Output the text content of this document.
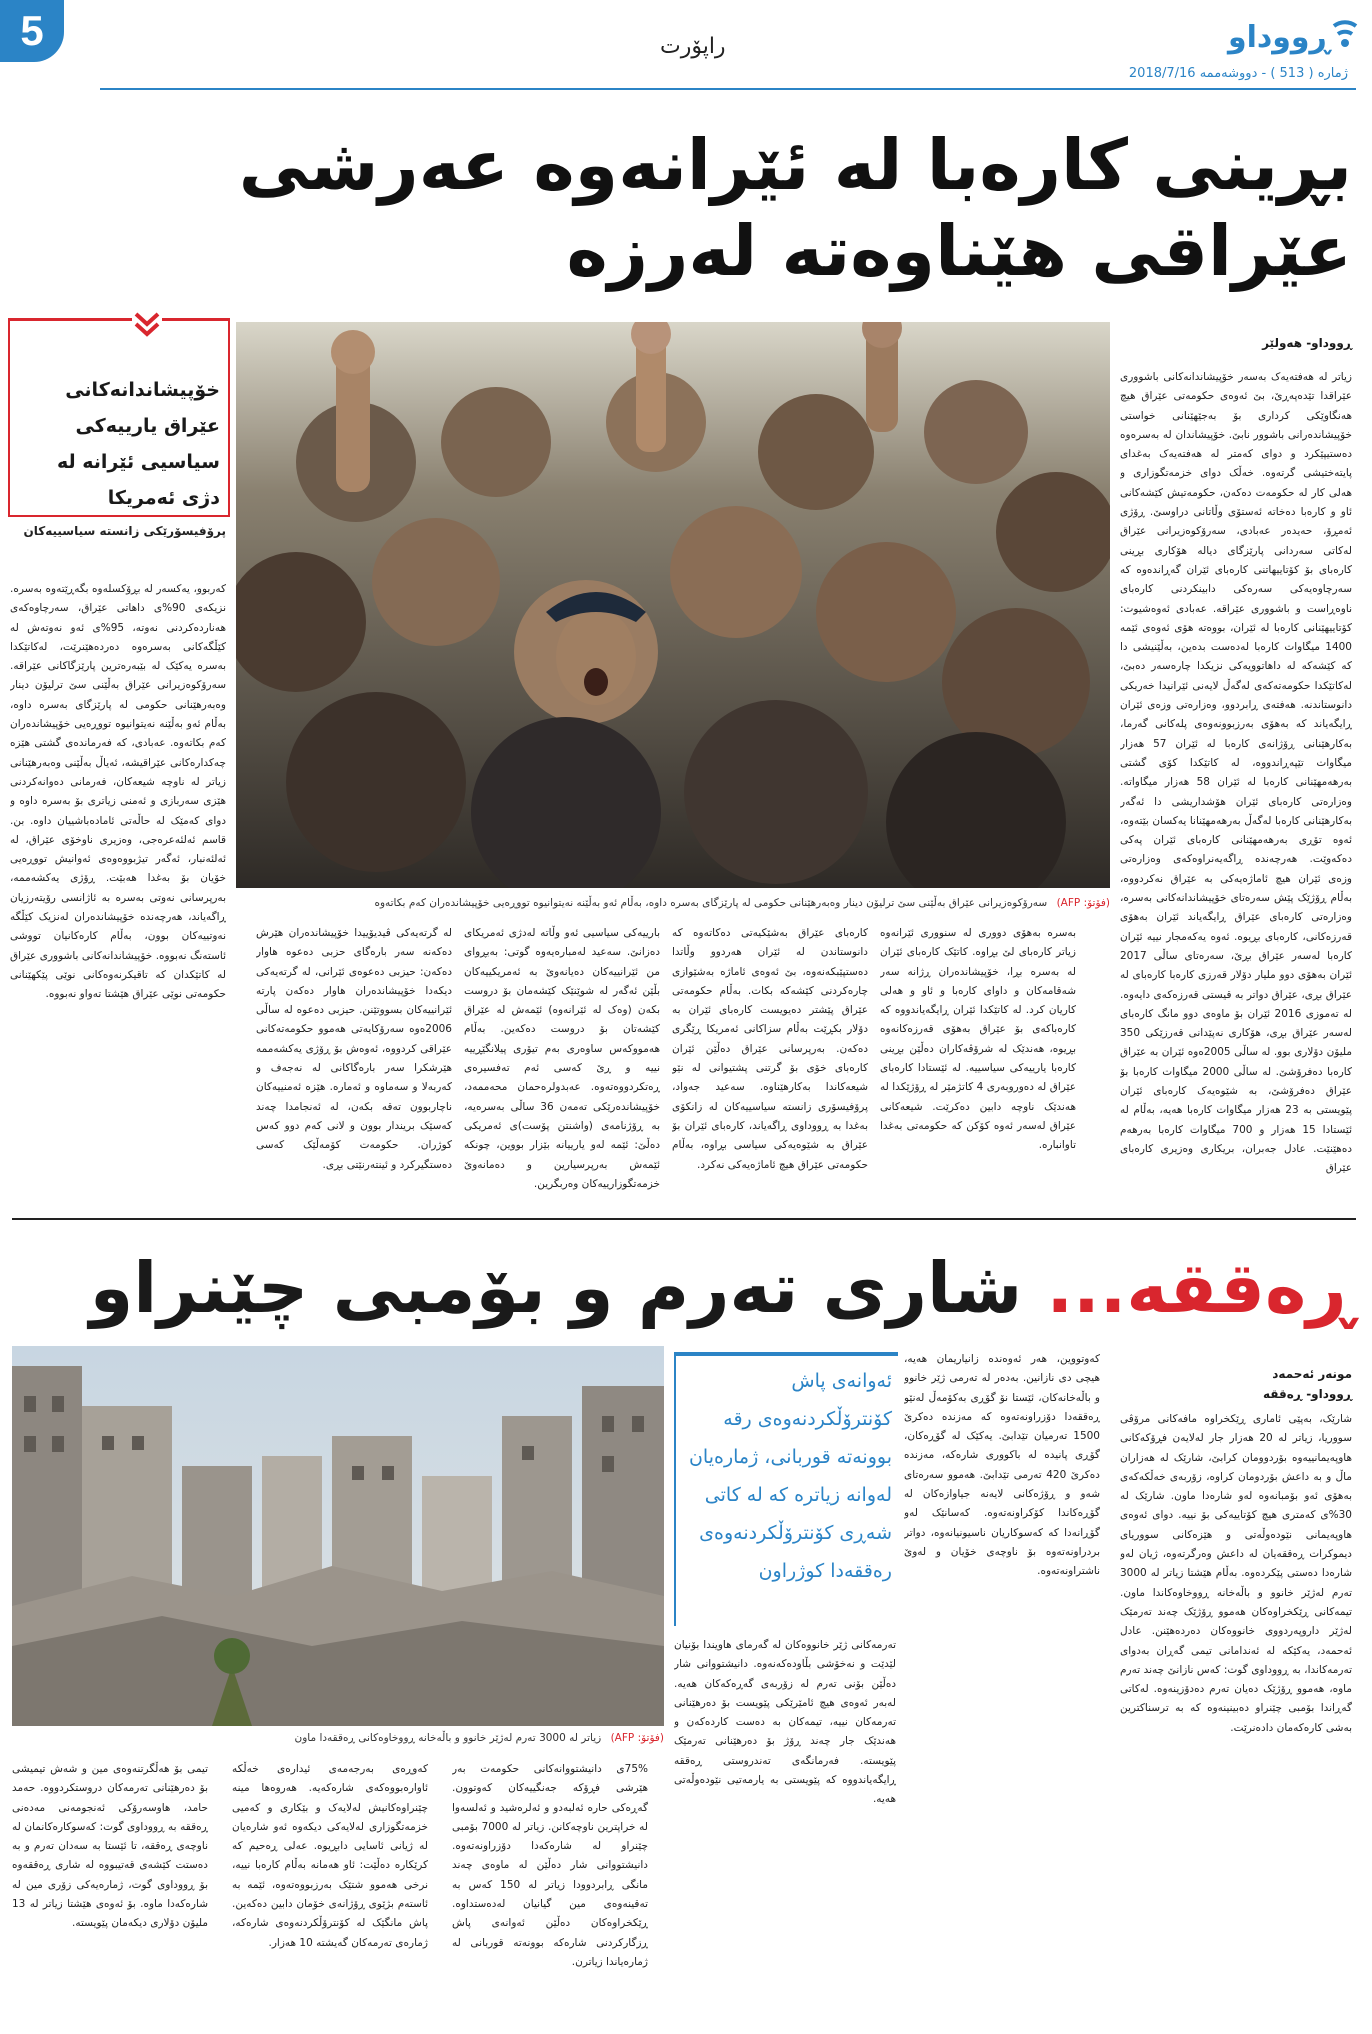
5	راپۆرت	ڕووداو
ژمارە ( 513 ) - دووشەممە 2018/7/16
بڕینی کارەبا لە ئێرانەوە عەرشی عێراقی هێناوەتە لەرزە
ڕووداو- هەولێر
زیاتر لە هەفتەیەک بەسەر خۆپیشاندانەکانی باشووری عێراقدا تێدەپەڕێ، بێ ئەوەی حکومەتی عێراق هیچ هەنگاوێکی کرداری بۆ بەجێهێنانی خواستی خۆپیشاندەرانی باشوور نابێ. خۆپیشاندان لە بەسرەوە دەستیپێکرد و دوای کەمتر لە هەفتەیەک بەغدای پایتەختیشی گرتەوە. خەڵک دوای خزمەتگوزاری و هەلی کار لە حکومەت دەکەن، حکومەتیش کێشەکانی ئاو و کارەبا دەخاتە ئەستۆی وڵاتانی دراوسێ. ڕۆژی ئەمڕۆ، حەیدەر عەبادی، سەرۆکوەزیرانی عێراق لەکاتی سەردانی پارێزگای دیالە هۆکاری بڕینی کارەبای بۆ کۆتاییهاتنی کارەبای ئێران گەڕاندەوە کە سەرچاوەیەکی سەرەکی دابینکردنی کارەبای ناوەڕاست و باشووری عێراقە. عەبادی ئەوەشیوت: کۆتاییهێنانی کارەبا لە ئێران، بووەتە هۆی ئەوەی ئێمە 1400 میگاوات کارەبا لەدەست بدەین، بەڵێنیشی دا کە کێشەکە لە داهاتوویەکی نزیکدا چارەسەر دەبێ، لەکاتێکدا حکومەتەکەی لەگەڵ لایەنی ئێرانیدا خەریکی دانوستاندنە. هەفتەی ڕابردوو، وەزارەتی وزەی ئێران ڕایگەیاند کە بەهۆی بەرزبوونەوەی پلەکانی گەرما، بەکارهێنانی ڕۆژانەی کارەبا لە ئێران 57 هەزار میگاوات تێپەڕاندووە، لە کاتێکدا کۆی گشتی بەرهەمهێنانی کارەبا لە ئێران 58 هەزار میگاواتە. وەزارەتی کارەبای ئێران هۆشداریشی دا ئەگەر بەکارهێنانی کارەبا لەگەڵ بەرهەمهێنانا یەکسان بێتەوە، ئەوە تۆڕی بەرهەمهێنانی کارەبای ئێران پەکی دەکەوێت. هەرچەندە ڕاگەیەنراوەکەی وەزارەتی وزەی ئێران هیچ ئاماژەیەکی بە عێراق نەکردووە، بەڵام ڕۆژێک پێش سەرەتای خۆپیشاندانەکانی بەسرە، وەزارەتی کارەبای عێراق ڕایگەیاند ئێران بەهۆی قەرزەکانی، کارەبای بڕیوە. ئەوە یەکەمجار نییە ئێران کارەبا لەسەر عێراق بڕێ، سەرەتای ساڵی 2017 ئێران بەهۆی دوو ملیار دۆلار قەرزی کارەبا کارەبای لە عێراق بڕی، عێراق دواتر بە قیستی قەرزەکەی دایەوە. لە تەموزی 2016 ئێران بۆ ماوەی دوو مانگ کارەبای لەسەر عێراق بڕی، هۆکاری نەپێدانی قەرزێکی 350 ملیۆن دۆلاری بوو. لە ساڵی 2005ەوە ئێران بە عێراق کارەبا دەفرۆشێ. لە ساڵی 2000 میگاوات کارەبا بۆ عێراق دەفرۆشێ، بە شێوەیەک کارەبای ئێران پێویستی بە 23 هەزار میگاوات کارەبا هەیە، بەڵام لە ئێستادا 15 هەزار و 700 میگاوات کارەبا بەرهەم دەهێنێت. عادل جەبران، بریکاری وەزیری کارەبای عێراق
(فۆتۆ: AFP) سەرۆکوەزیرانی عێراق بەڵێنی سێ ترلیۆن دینار وەبەرهێنانی حکومی لە پارێزگای بەسرە داوە، بەڵام ئەو بەڵێنە نەیتوانیوە تووڕەیی خۆپیشاندەران کەم بکاتەوە
خۆپیشاندانەکانی عێراق یارییەکی سیاسیی ئێرانە لە دژی ئەمریکا
پرۆفیسۆرێکی زانستە سیاسییەکان
کەربوو، یەکسەر لە بڕۆکسلەوە بگەڕێتەوە بەسرە. نزیکەی 90%ی داهاتی عێراق، سەرچاوەکەی هەناردەکردنی نەوتە، 95%ی ئەو نەوتەش لە کێڵگەکانی بەسرەوە دەردەهێنرێت، لەکاتێکدا بەسرە یەکێک لە بێبەرەترین پارێزگاکانی عێراقە. سەرۆکوەزیرانی عێراق بەڵێنی سێ ترلیۆن دینار وەبەرهێنانی حکومی لە پارێزگای بەسرە داوە، بەڵام ئەو بەڵێنە نەیتوانیوە تووڕەیی خۆپیشاندەران کەم بکاتەوە. عەبادی، کە فەرماندەی گشتی هێزە چەکدارەکانی عێراقیشە، ئەیاڵ بەڵێنی وەبەرهێنانی زیاتر لە ناوچە شیعەکان، فەرمانی دەوانەکردنی هێزی سەربازی و ئەمنی زیاتری بۆ بەسرە داوە و دوای کەمێک لە حاڵەتی ئامادەباشییان داوە. بن. قاسم ئەلئەعرەجی، وەزیری ناوخۆی عێراق، لە ئەلئەنبار، ئەگەر تیژبووەوەی ئەوانیش تووڕەیی خۆیان بۆ بەغدا هەبێت. ڕۆژی یەکشەممە، بەرپرسانی نەوتی بەسرە بە ئاژانسی رۆیتەرزیان ڕاگەیاند، هەرچەندە خۆپیشاندەران لەنزیک کێڵگە نەوتییەکان بوون، بەڵام کارەکانیان تووشی ئاستەنگ نەبووە. خۆپیشاندانەکانی باشووری عێراق لە کاتێکدان کە تاقیکرنەوەکانی نوێی پێکهێنانی حکومەتی نوێی عێراق هێشتا تەواو نەبووە.
بەسرە بەهۆی دووری لە سنووری ئێرانەوە زیاتر کارەبای لێ بڕاوە. کاتێک کارەبای ئێران لە بەسرە بڕا، خۆپیشاندەران ڕژانە سەر شەقامەکان و داوای کارەبا و ئاو و هەلی کاریان کرد. لە کاتێکدا ئێران ڕایگەیاندووە کە کارەباکەی بۆ عێراق بەهۆی قەرزەکانەوە بڕیوە، هەندێک لە شرۆڤەکاران دەڵێن بڕینی کارەبا یارییەکی سیاسییە. لە ئێستادا کارەبای عێراق لە دەوروبەری 4 کاتژمێر لە ڕۆژێکدا لە هەندێک ناوچە دابین دەکرێت. شیعەکانی عێراق لەسەر ئەوە کۆکن کە حکومەتی بەغدا تاوانبارە.
کارەبای عێراق بەشێکیەتی دەکاتەوە کە دانوستاندن لە ئێران هەردوو وڵاتدا دەستپێبکەنەوە، بێ ئەوەی ئاماژە بەشێوازی چارەکردنی کێشەکە بکات. بەڵام حکومەتی عێراق پێشتر دەیویست کارەبای ئێران بە دۆلار بکڕێت بەڵام سزاکانی ئەمریکا ڕێگری دەکەن. بەرپرسانی عێراق دەڵێن ئێران کارەبای خۆی بۆ گرتنی پشتیوانی لە نێو شیعەکاندا بەکارهێناوە. سەعید جەواد، پرۆفیسۆری زانستە سیاسییەکان لە زانکۆی بەغدا بە ڕووداوی ڕاگەیاند، کارەبای ئێران بۆ عێراق بە شێوەیەکی سیاسی بڕاوە، بەڵام حکومەتی عێراق هیچ ئاماژەیەکی نەکرد.
بارییەکی سیاسیی ئەو وڵاتە لەدژی ئەمریکای دەزانێ. سەعید لەمبارەیەوە گوتی: بەبڕوای من ئێرانییەکان دەیانەوێ بە ئەمریکییەکان بڵێن ئەگەر لە شوێنێک کێشەمان بۆ دروست بکەن (وەک لە ئێرانەوە) ئێمەش لە عێراق کێشەتان بۆ دروست دەکەین. بەڵام هەمووکەس ساوەری بەم تیۆری پیلانگێڕییە نییە و ڕێ کەسی ئەم تەفسیرەی ڕەتکردووەتەوە. عەبدولرەحمان محەممەد، خۆپیشاندەرێکی تەمەن 36 ساڵی بەسرەیە، بە ڕۆژنامەی (واشنتن پۆست)ی ئەمریکی دەڵێ: ئێمە لەو یارییانە بێزار بووین، چونکە ئێمەش بەرپرسیارین و دەمانەوێ خزمەتگوزارییەکان وەربگرین.
لە گرتەیەکی ڤیدیۆییدا خۆپیشاندەران هێرش دەکەنە سەر بارەگای حزبی دەعوە هاوار دەکەن: حیزبی دەعوەی ئێرانی، لە گرتەیەکی دیکەدا خۆپیشاندەران هاوار دەکەن پارتە ئێرانییەکان بسووتێنن. حیزبی دەعوە لە ساڵی 2006ەوە سەرۆکایەتی هەموو حکومەتەکانی عێراقی کردووە، ئەوەش بۆ ڕۆژی یەکشەممە هێرشکرا سەر بارەگاکانی لە نەجەف و کەربەلا و سەماوە و ئەمارە. هێزە ئەمنییەکان ناچاربوون تەقە بکەن، لە ئەنجامدا چەند کەسێک بریندار بوون و لانی کەم دوو کەس کوژران. حکومەت کۆمەڵێک کەسی دەستگیرکرد و ئینتەرنێتی بڕی.
ڕەققە... شاری تەرم و بۆمبی چێنراو
(فۆتۆ: AFP) زیاتر لە 3000 تەرم لەژێر خانوو و باڵەخانە ڕووخاوەکانی ڕەققەدا ماون
ئەوانەی پاش کۆنترۆڵکردنەوەی رقە بوونەتە قوربانی، ژمارەیان لەوانە زیاترە کە لە کاتی شەڕی کۆنترۆڵکردنەوەی رەققەدا کوژراون
مونەر ئەحمەد
ڕووداو- ڕەققە
شارێک، بەپێی ئاماری ڕێکخراوە مافەکانی مرۆڤی سووریا، زیاتر لە 20 هەزار جار لەلایەن فڕۆکەکانی هاوپەیمانییەوە بۆردوومان کرابێ، شارێک لە هەزاران ماڵ و بە داعش بۆردومان کراوە، زۆربەی خەڵکەکەی بەهۆی ئەو بۆمبانەوە لەو شارەدا ماون. شارێک لە 30%ی کەمتری هیچ کۆتاییەکی بۆ نییە. دوای ئەوەی هاوپەیمانی نێودەوڵەتی و هێزەکانی سووریای دیموکرات ڕەققەیان لە داعش وەرگرتەوە، ژیان لەو شارەدا دەستی پێکردەوە. بەڵام هێشتا زیاتر لە 3000 تەرم لەژێر خانوو و باڵەخانە ڕووخاوەکاندا ماون. تیمەکانی ڕێکخراوەکان هەموو ڕۆژێک چەند تەرمێک لەژێر داروپەردووی خانووەکان دەردەهێنن. عادل ئەحمەد، یەکێکە لە ئەندامانی تیمی گەڕان بەدوای تەرمەکاندا، بە ڕووداوی گوت: کەس نازانێ چەند تەرم ماوە، هەموو ڕۆژێک دەیان تەرم دەدۆزینەوە. لەکاتی گەڕاندا بۆمبی چێنراو دەبینینەوە کە بە ترسناکترین بەشی کارەکەمان دادەنرێت.
کەوتووین، هەر ئەوەندە زانیاریمان هەیە، هیچی دی نازانین. بەدەر لە تەرمی ژێر خانوو و باڵەخانەکان، ئێستا نۆ گۆڕی بەکۆمەڵ لەنێو ڕەققەدا دۆزراونەتەوە کە مەزندە دەکرێ 1500 تەرمیان تێدابێ. یەکێک لە گۆڕەکان، گۆڕی پانیدە لە باکووری شارەکە، مەزندە دەکرێ 420 تەرمی تێدابێ. هەموو سەرەتای شەو و ڕۆژەکانی لایەنە جیاوازەکان لە گۆڕەکاندا کۆکراونەتەوە. کەسانێک لەو گۆڕانەدا کە کەسوکاریان ناسیونیانەوە، دواتر بردراونەتەوە بۆ ناوچەی خۆیان و لەوێ ناشتراونەتەوە.
تەرمەکانی ژێر خانووەکان لە گەرمای هاویندا بۆنیان لێدێت و نەخۆشی بڵاودەکەنەوە. دانیشتووانی شار دەڵێن بۆنی تەرم لە زۆربەی گەڕەکەکان هەیە. لەبەر ئەوەی هیچ ئامێرێکی پێویست بۆ دەرهێنانی تەرمەکان نییە، تیمەکان بە دەست کاردەکەن و هەندێک جار چەند ڕۆژ بۆ دەرهێنانی تەرمێک پێویستە. فەرمانگەی تەندروستی ڕەققە ڕایگەیاندووە کە پێویستی بە یارمەتیی نێودەوڵەتی هەیە.
تیمی بۆ هەڵگرتنەوەی مین و شەش تیمیشی بۆ دەرهێنانی تەرمەکان دروستکردووە. حەمد حامد، هاوسەرۆکی ئەنجومەنی مەدەنی ڕەققە بە ڕووداوی گوت: کەسوکارەکانمان لە ناوچەی ڕەققە، تا ئێستا بە سەدان تەرم و بە دەستت کێشەی قەتیبووە لە شاری ڕەققەوە بۆ ڕووداوی گوت، ژمارەیەکی زۆری مین لە شارەکەدا ماوە. بۆ ئەوەی هێشتا زیاتر لە 13 ملیۆن دۆلاری دیکەمان پێویستە.
کەوڕەی بەرجەمەی ئیدارەی خەڵکە ئاوارەبووەکەی شارەکەیە. هەروەها مینە چێنراوەکانیش لەلایەک و بێکاری و کەمیی خزمەتگوزاری لەلایەکی دیکەوە ئەو شارەیان لە ژیانی ئاسایی دابڕیوە. عەلی ڕەحیم کە کرێکارە دەڵێت: ئاو هەمانە بەڵام کارەبا نییە، نرخی هەموو شتێک بەرزبووەتەوە، ئێمە بە ئاستەم بژێوی ڕۆژانەی خۆمان دابین دەکەین. پاش مانگێک لە کۆنترۆڵکردنەوەی شارەکە، ژمارەی تەرمەکان گەیشتە 10 هەزار.
75%ی دانیشتووانەکانی حکومەت بەر هێرشی فڕۆکە جەنگییەکان کەوتوون. گەڕەکی حارە ئەلبەدو و ئەلرەشید و ئەلسەوا لە خراپترین ناوچەکانن. زیاتر لە 7000 بۆمبی چێنراو لە شارەکەدا دۆزراونەتەوە. دانیشتووانی شار دەڵێن لە ماوەی چەند مانگی ڕابردوودا زیاتر لە 150 کەس بە تەقینەوەی مین گیانیان لەدەستداوە. ڕێکخراوەکان دەڵێن ئەوانەی پاش ڕزگارکردنی شارەکە بوونەتە قوربانی لە ژمارەیاندا زیاترن.
